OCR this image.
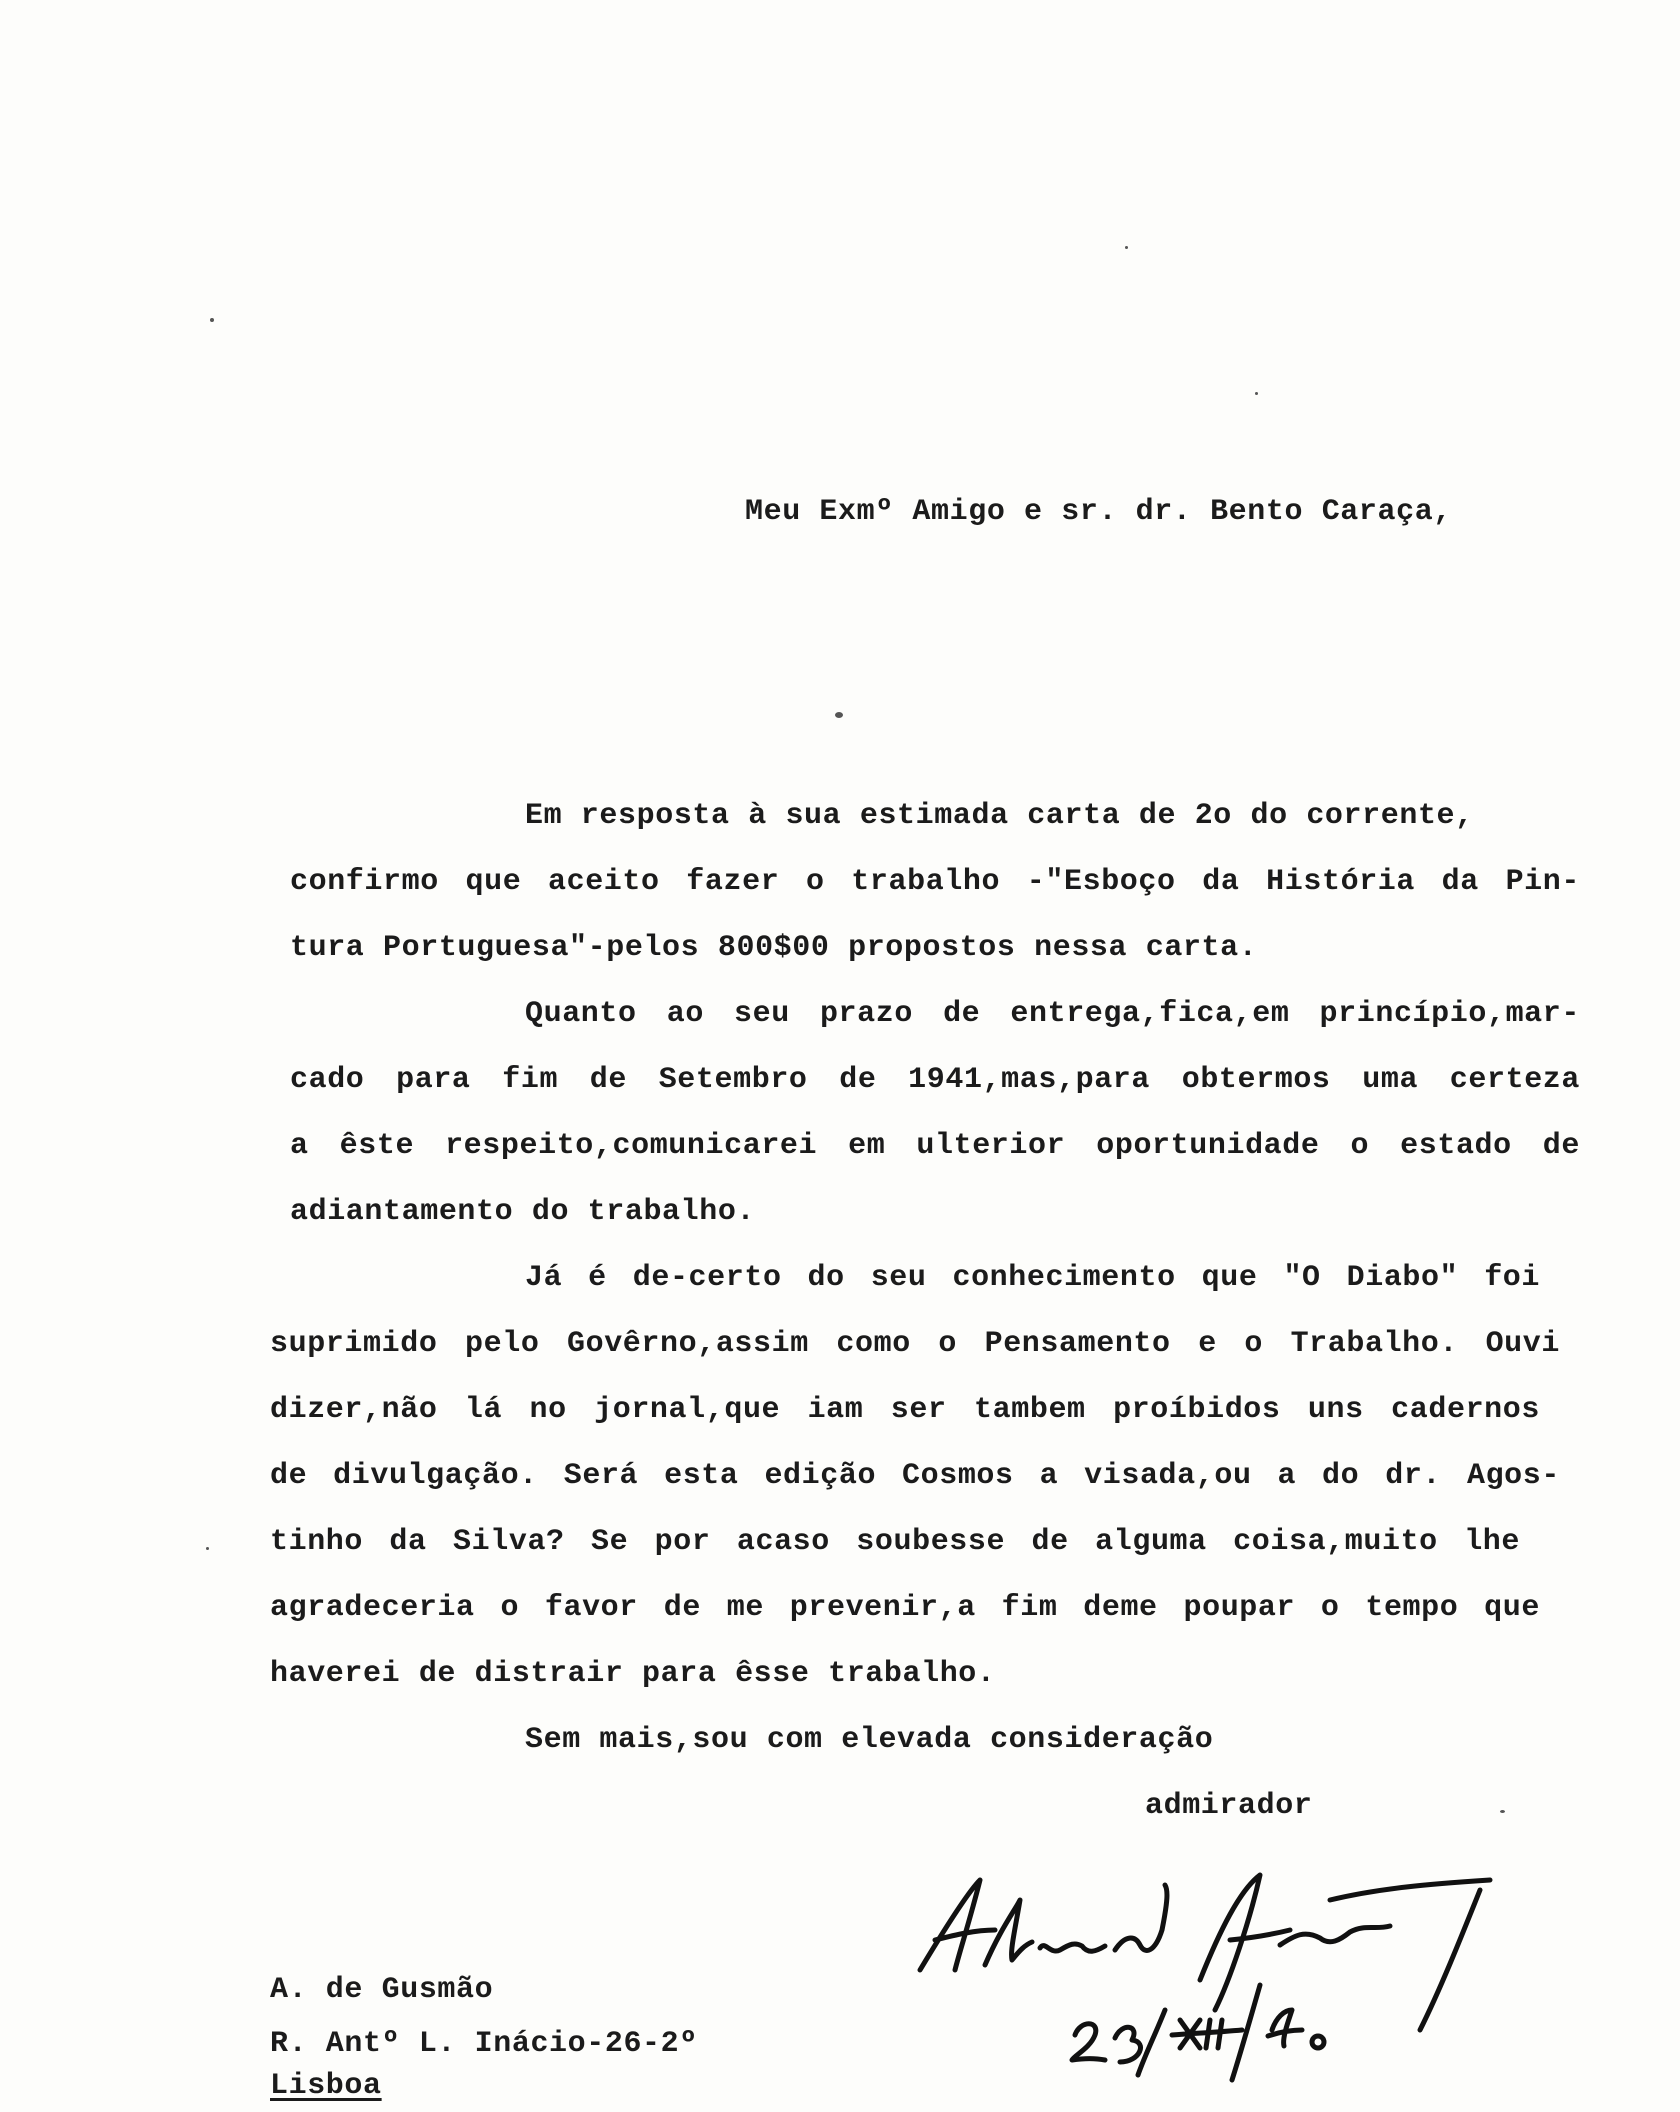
Meu Exmº Amigo e sr. dr. Bento Caraça,

Em resposta à sua estimada carta de 2o do corrente,

confirmo que aceito fazer o trabalho -"Esboço da História da Pin-

tura Portuguesa"-pelos 800$00 propostos nessa carta.

Quanto ao seu prazo de entrega,fica,em princípio,mar-

cado para fim de Setembro de 1941,mas,para obtermos uma certeza

a êste respeito,comunicarei em ulterior oportunidade o estado de

adiantamento do trabalho.

Já é de-certo do seu conhecimento que "O Diabo" foi

suprimido pelo Govêrno,assim como o Pensamento e o Trabalho. Ouvi

dizer,não lá no jornal,que iam ser tambem proíbidos uns cadernos

de divulgação. Será esta edição Cosmos a visada,ou a do dr. Agos-

tinho da Silva? Se por acaso soubesse de alguma coisa,muito lhe

agradeceria o favor de me prevenir,a fim deme poupar o tempo que

haverei de distrair para êsse trabalho.

Sem mais,sou com elevada consideração

admirador

A. de Gusmão

R. Antº L. Inácio-26-2º

Lisboa
